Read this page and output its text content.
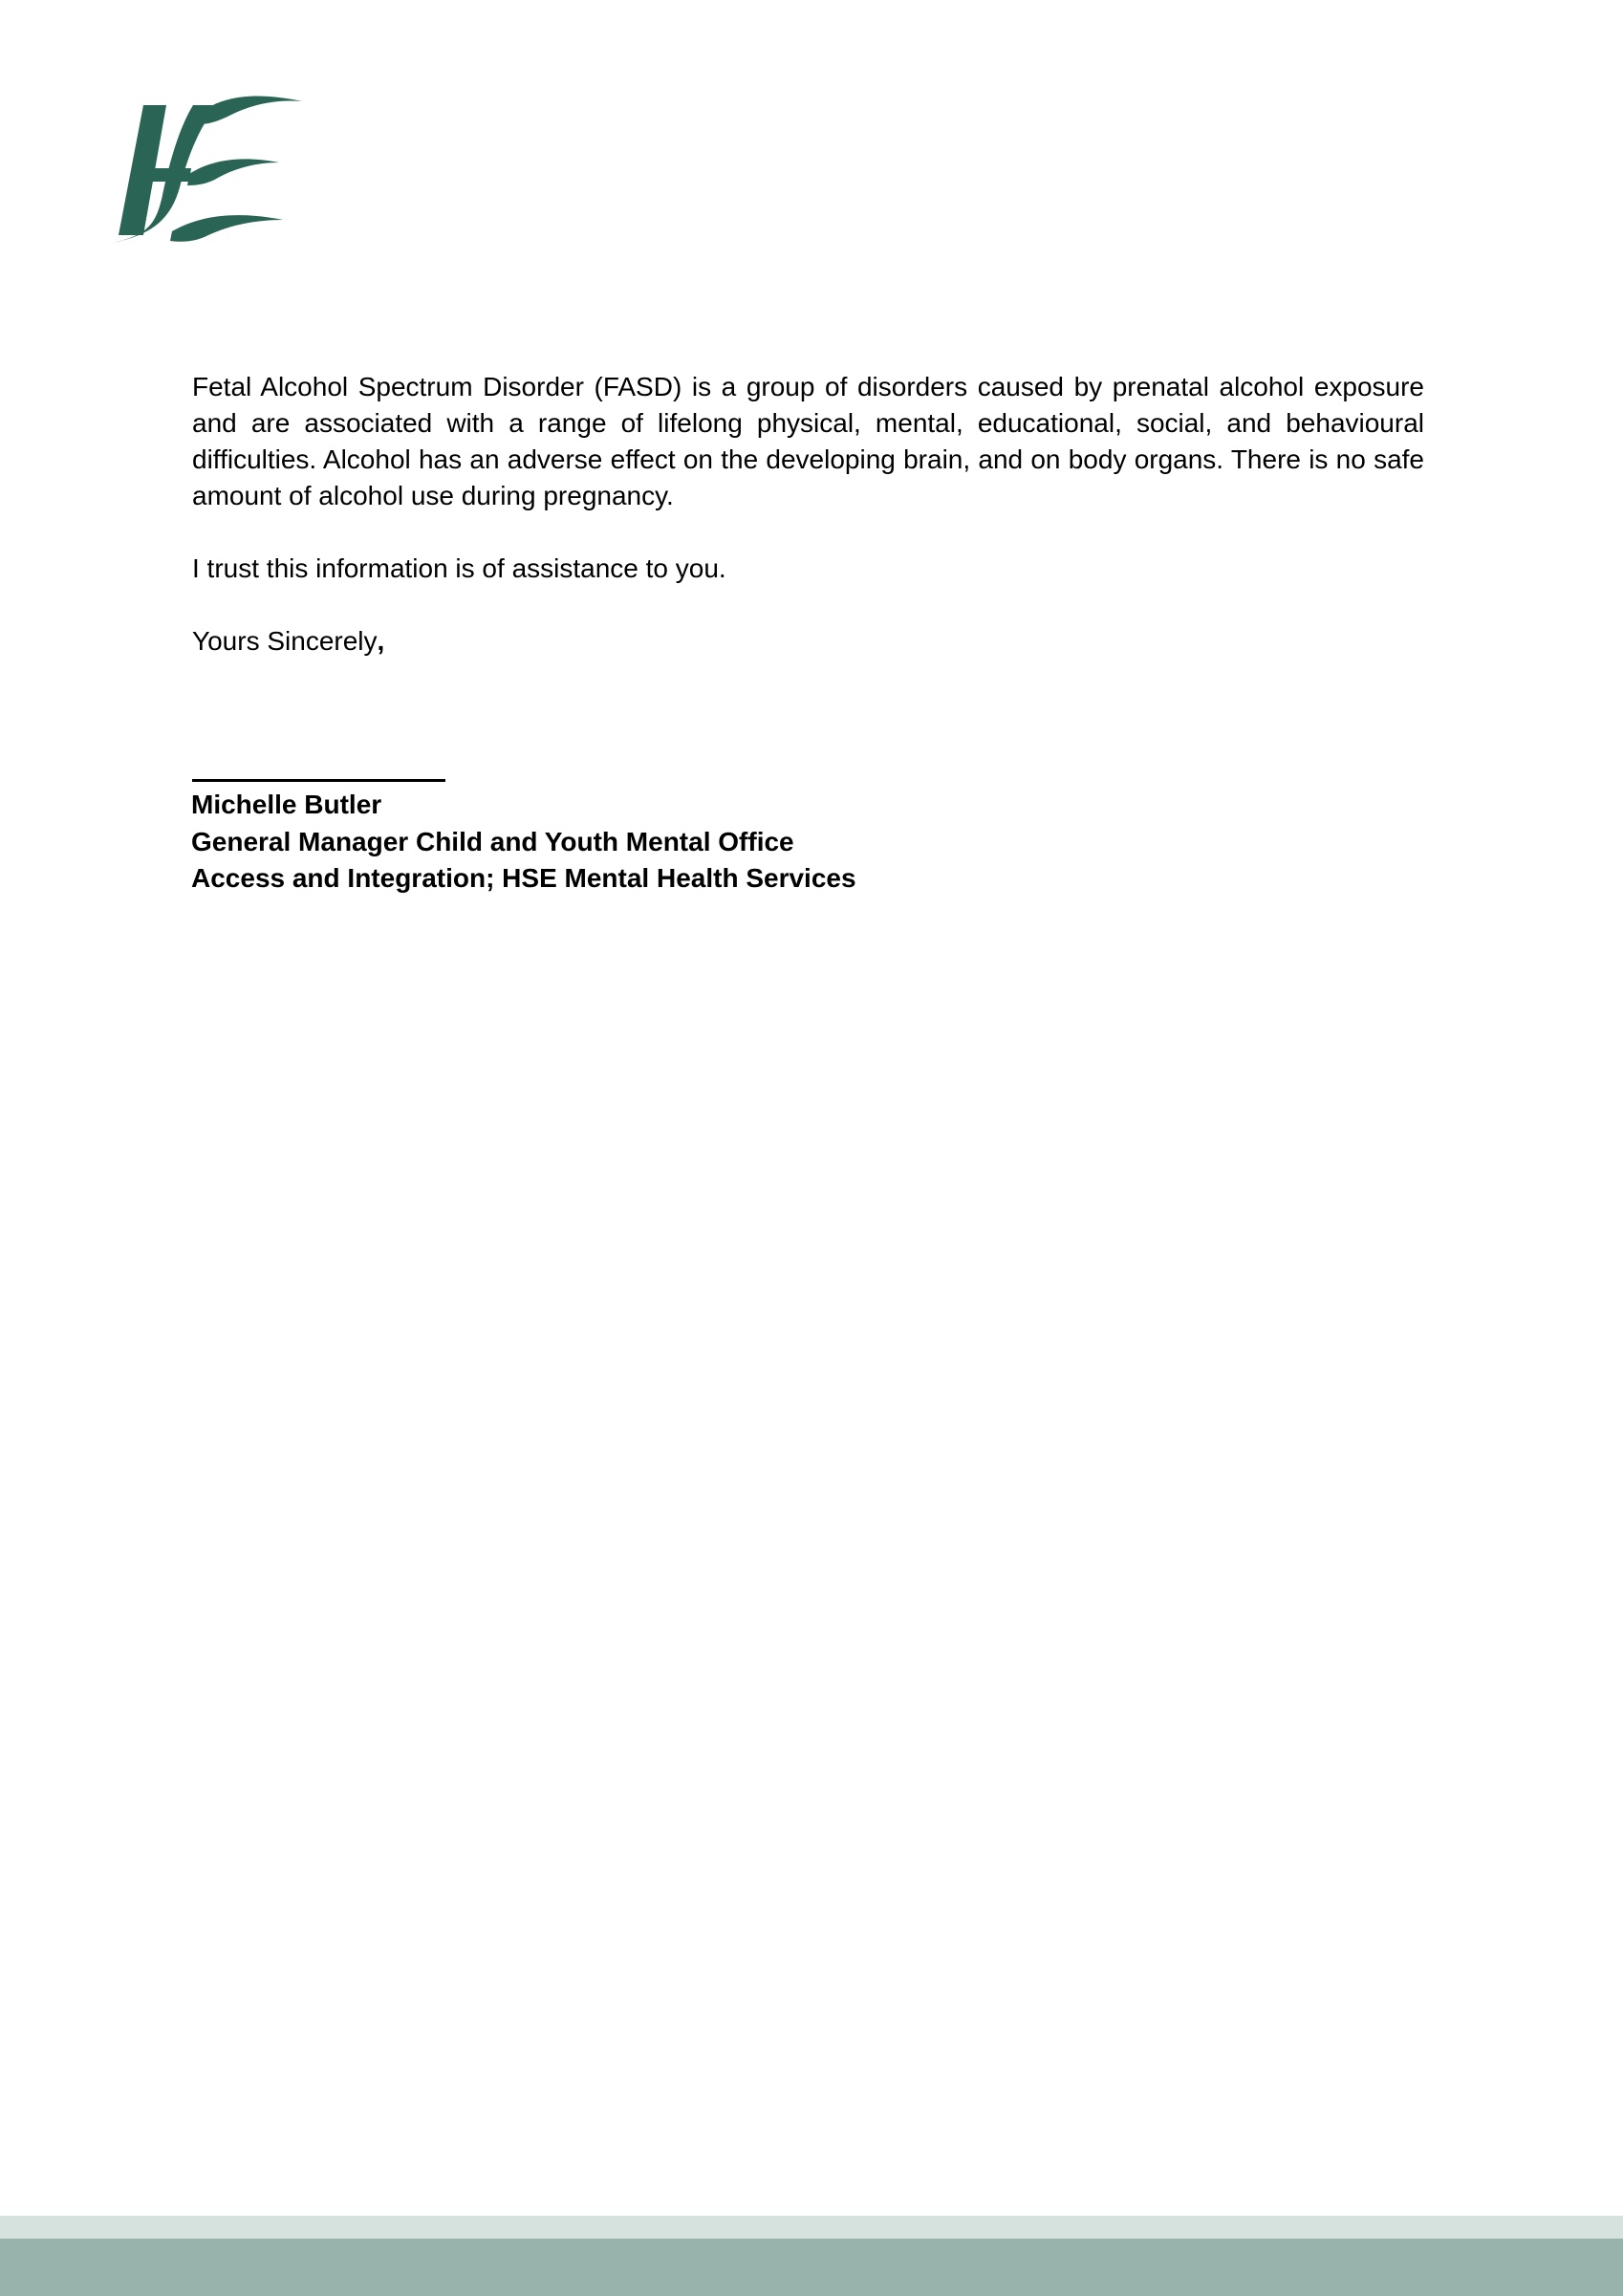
Fetal Alcohol Spectrum Disorder (FASD) is a group of disorders caused by prenatal alcohol exposure and are associated with a range of lifelong physical, mental, educational, social, and behavioural difficulties. Alcohol has an adverse effect on the developing brain, and on body organs. There is no safe amount of alcohol use during pregnancy.

I trust this information is of assistance to you.

Yours Sincerely,

Michelle Butler
General Manager Child and Youth Mental Office
Access and Integration; HSE Mental Health Services
